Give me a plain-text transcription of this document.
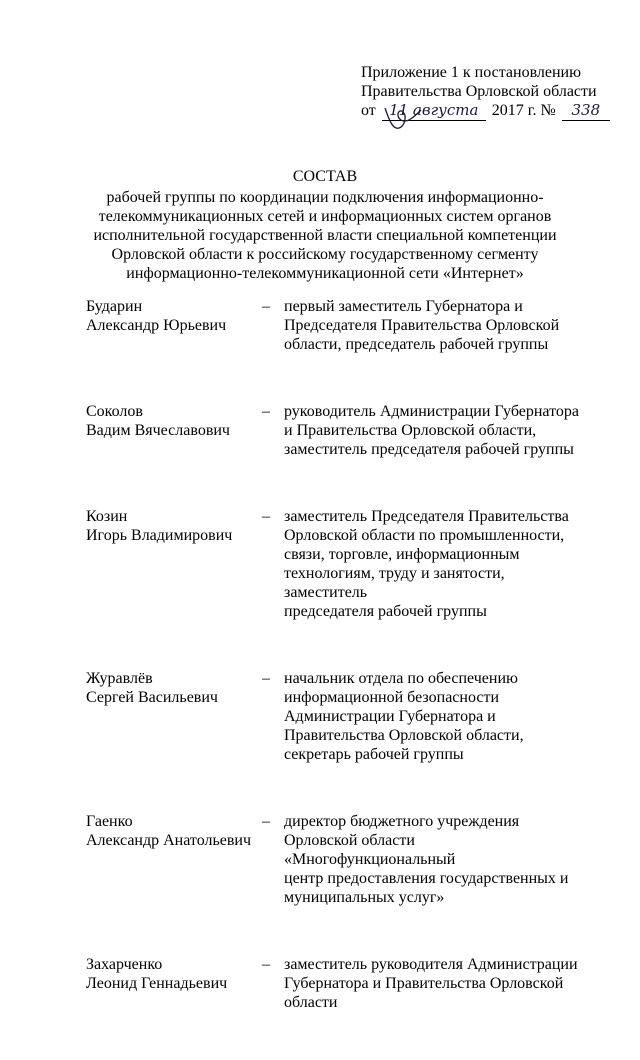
Приложение 1 к постановлению
Правительства Орловской области
от 11 августа 2017 г. № 338
СОСТАВ
рабочей группы по координации подключения информационно-
телекоммуникационных сетей и информационных систем органов
исполнительной государственной власти специальной компетенции
Орловской области к российскому государственному сегменту
информационно-телекоммуникационной сети «Интернет»
Бударин
Александр Юрьевич
– первый заместитель Губернатора и
Председателя Правительства Орловской
области, председатель рабочей группы
Соколов
Вадим Вячеславович
– руководитель Администрации Губернатора
и Правительства Орловской области,
заместитель председателя рабочей группы
Козин
Игорь Владимирович
– заместитель Председателя Правительства
Орловской области по промышленности,
связи, торговле, информационным
технологиям, труду и занятости, заместитель
председателя рабочей группы
Журавлёв
Сергей Васильевич
– начальник отдела по обеспечению
информационной безопасности
Администрации Губернатора и
Правительства Орловской области,
секретарь рабочей группы
Гаенко
Александр Анатольевич
– директор бюджетного учреждения
Орловской области «Многофункциональный
центр предоставления государственных и
муниципальных услуг»
Захарченко
Леонид Геннадьевич
– заместитель руководителя Администрации
Губернатора и Правительства Орловской
области
